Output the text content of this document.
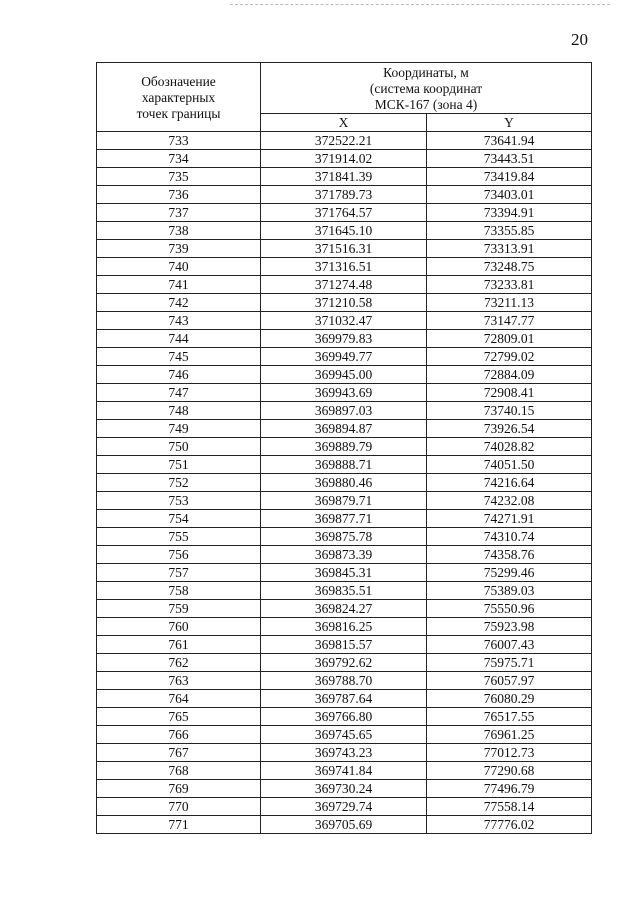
20
Обозначение
характерных
точек границы	Координаты, м
(система координат
МСК-167 (зона 4)	

	X	Y
733	372522.21	73641.94
734	371914.02	73443.51
735	371841.39	73419.84
736	371789.73	73403.01
737	371764.57	73394.91
738	371645.10	73355.85
739	371516.31	73313.91
740	371316.51	73248.75
741	371274.48	73233.81
742	371210.58	73211.13
743	371032.47	73147.77
744	369979.83	72809.01
745	369949.77	72799.02
746	369945.00	72884.09
747	369943.69	72908.41
748	369897.03	73740.15
749	369894.87	73926.54
750	369889.79	74028.82
751	369888.71	74051.50
752	369880.46	74216.64
753	369879.71	74232.08
754	369877.71	74271.91
755	369875.78	74310.74
756	369873.39	74358.76
757	369845.31	75299.46
758	369835.51	75389.03
759	369824.27	75550.96
760	369816.25	75923.98
761	369815.57	76007.43
762	369792.62	75975.71
763	369788.70	76057.97
764	369787.64	76080.29
765	369766.80	76517.55
766	369745.65	76961.25
767	369743.23	77012.73
768	369741.84	77290.68
769	369730.24	77496.79
770	369729.74	77558.14
771	369705.69	77776.02
